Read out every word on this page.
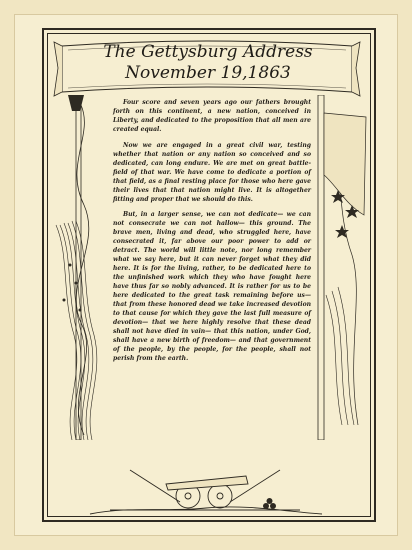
The Gettysburg Address
November 19,1863

Four score and seven years ago our fathers brought forth on this continent, a new nation, conceived in Liberty, and dedicated to the proposition that all men are created equal.

Now we are engaged in a great civil war, testing whether that nation or any nation so conceived and so dedicated, can long endure. We are met on great battle-field of that war. We have come to dedicate a portion of that field, as a final resting place for those who here gave their lives that that nation might live. It is altogether fitting and proper that we should do this.

But, in a larger sense, we can not dedicate— we can not consecrate we can not hallow— this ground. The brave men, living and dead, who struggled here, have consecrated it, far above our poor power to add or detract. The world will little note, nor long remember what we say here, but it can never forget what they did here. It is for the living, rather, to be dedicated here to the unfinished work which they who have fought here have thus far so nobly advanced. It is rather for us to be here dedicated to the great task remaining before us— that from these honored dead we take increased devotion to that cause for which they gave the last full measure of devotion— that we here highly resolve that these dead shall not have died in vain— that this nation, under God, shall have a new birth of freedom— and that government of the people, by the people, for the people, shall not perish from the earth.
